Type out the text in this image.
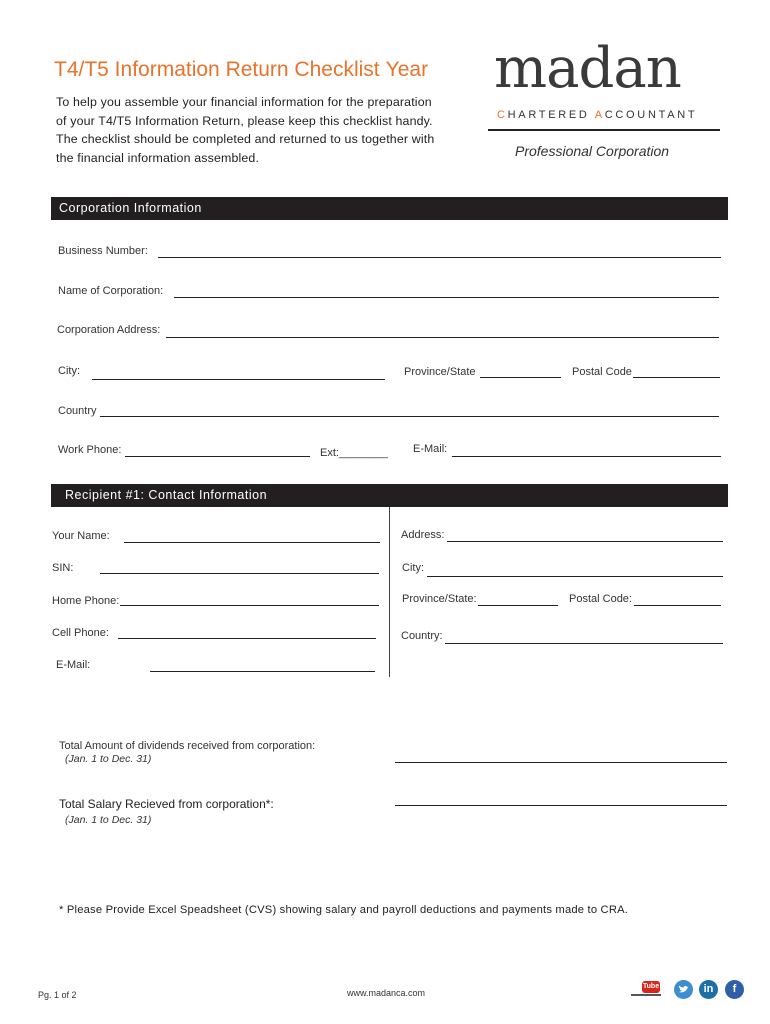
T4/T5 Information Return Checklist Year
To help you assemble your financial information for the preparation
of your T4/T5 Information Return, please keep this checklist handy.
The checklist should be completed and returned to us together with
the financial information assembled.
madan
CHARTERED ACCOUNTANT
Professional Corporation
Corporation Information
Business Number:
Name of Corporation:
Corporation Address:
City:	Province/State	Postal Code
Country
Work Phone:	Ext:________ E-Mail:
Recipient #1: Contact Information
Your Name:
SIN:
Home Phone:
Cell Phone:
E-Mail:
Address:
City:
Province/State:	Postal Code:
Country:
Total Amount of dividends received from corporation:
(Jan. 1 to Dec. 31)
Total Salary Recieved from corporation*:
(Jan. 1 to Dec. 31)
* Please Provide Excel Speadsheet (CVS) showing salary and payroll deductions and payments made to CRA.
Pg. 1 of 2	www.madanca.com
Tube	in	f
